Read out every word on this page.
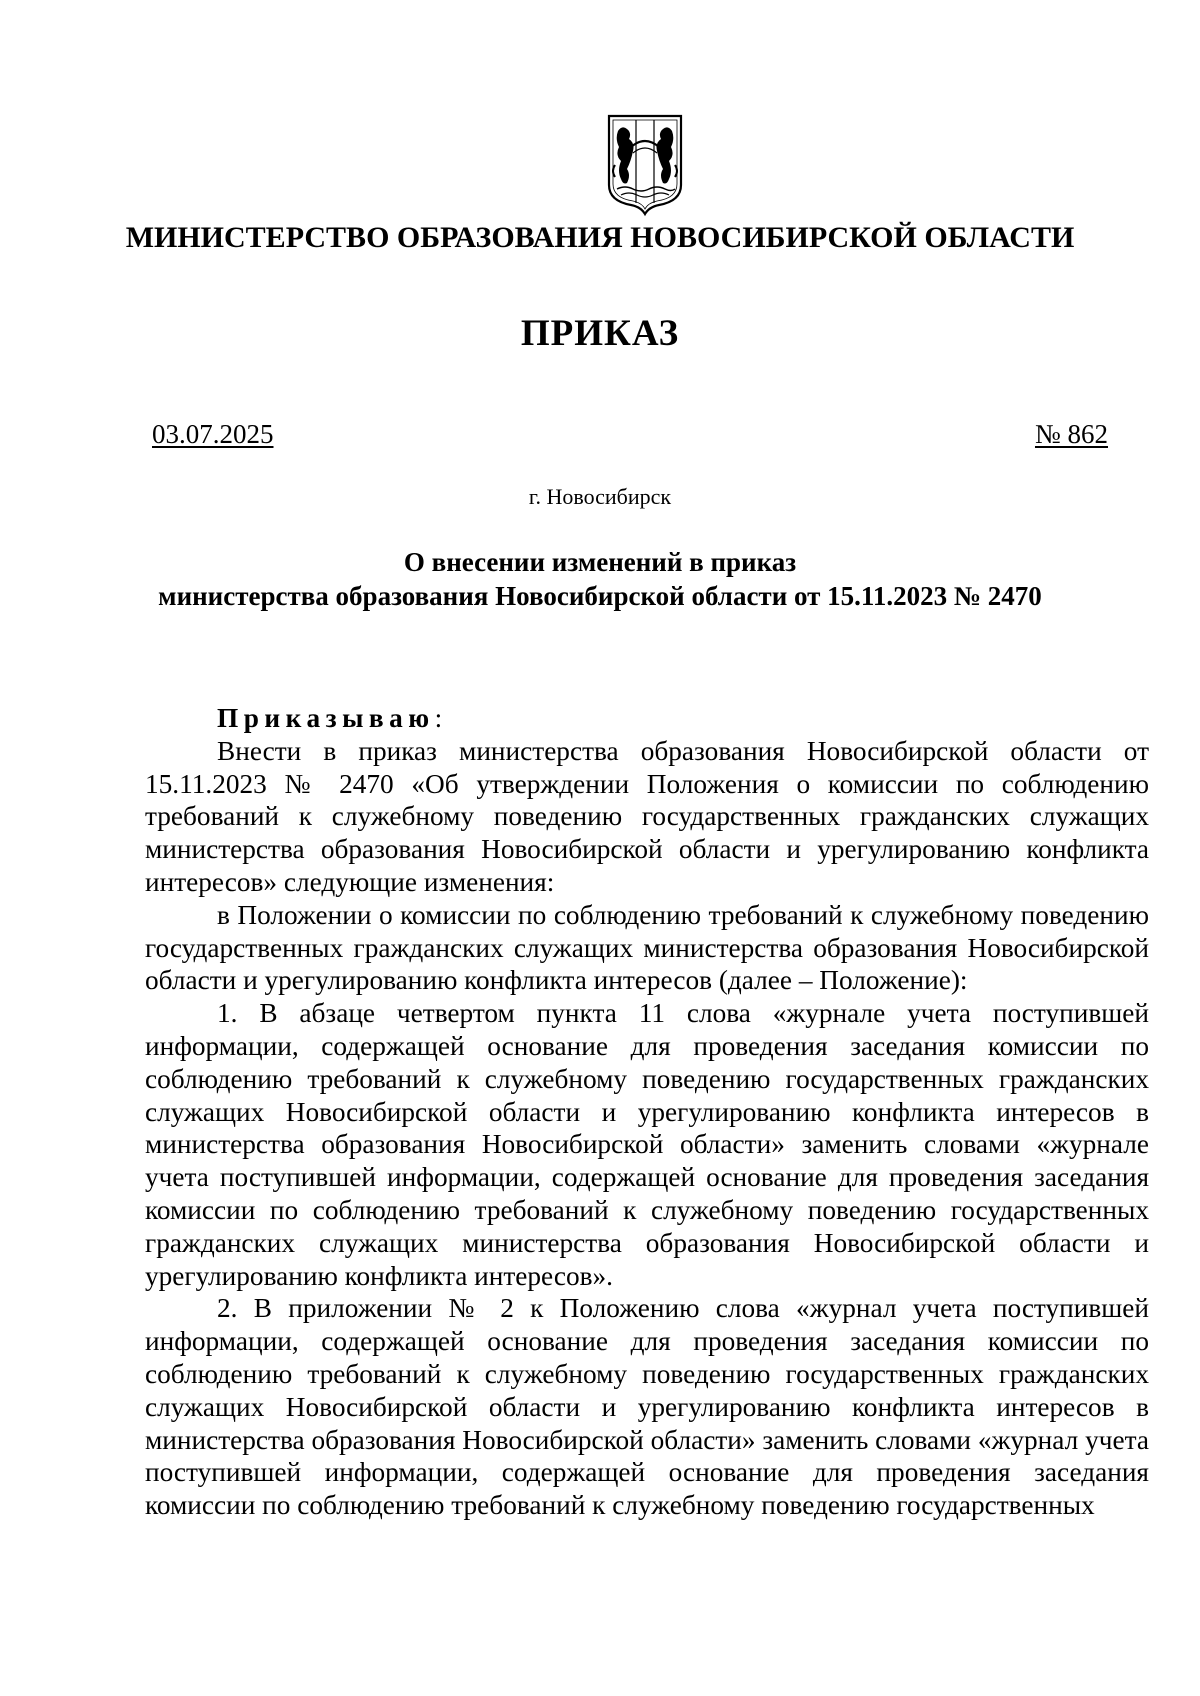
МИНИСТЕРСТВО ОБРАЗОВАНИЯ НОВОСИБИРСКОЙ ОБЛАСТИ
ПРИКАЗ
03.07.2025	№ 862
г. Новосибирск
О внесении изменений в приказ
министерства образования Новосибирской области от 15.11.2023 № 2470

Приказываю:

Внести в приказ министерства образования Новосибирской области от 15.11.2023 № 2470 «Об утверждении Положения о комиссии по соблюдению требований к служебному поведению государственных гражданских служащих министерства образования Новосибирской области и урегулированию конфликта интересов» следующие изменения:

в Положении о комиссии по соблюдению требований к служебному поведению государственных гражданских служащих министерства образования Новосибирской области и урегулированию конфликта интересов (далее – Положение):

1. В абзаце четвертом пункта 11 слова «журнале учета поступившей информации, содержащей основание для проведения заседания комиссии по соблюдению требований к служебному поведению государственных гражданских служащих Новосибирской области и урегулированию конфликта интересов в министерства образования Новосибирской области» заменить словами «журнале учета поступившей информации, содержащей основание для проведения заседания комиссии по соблюдению требований к служебному поведению государственных гражданских служащих министерства образования Новосибирской области и урегулированию конфликта интересов».

2. В приложении № 2 к Положению слова «журнал учета поступившей информации, содержащей основание для проведения заседания комиссии по соблюдению требований к служебному поведению государственных гражданских служащих Новосибирской области и урегулированию конфликта интересов в министерства образования Новосибирской области» заменить словами «журнал учета поступившей информации, содержащей основание для проведения заседания комиссии по соблюдению требований к служебному поведению государственных
